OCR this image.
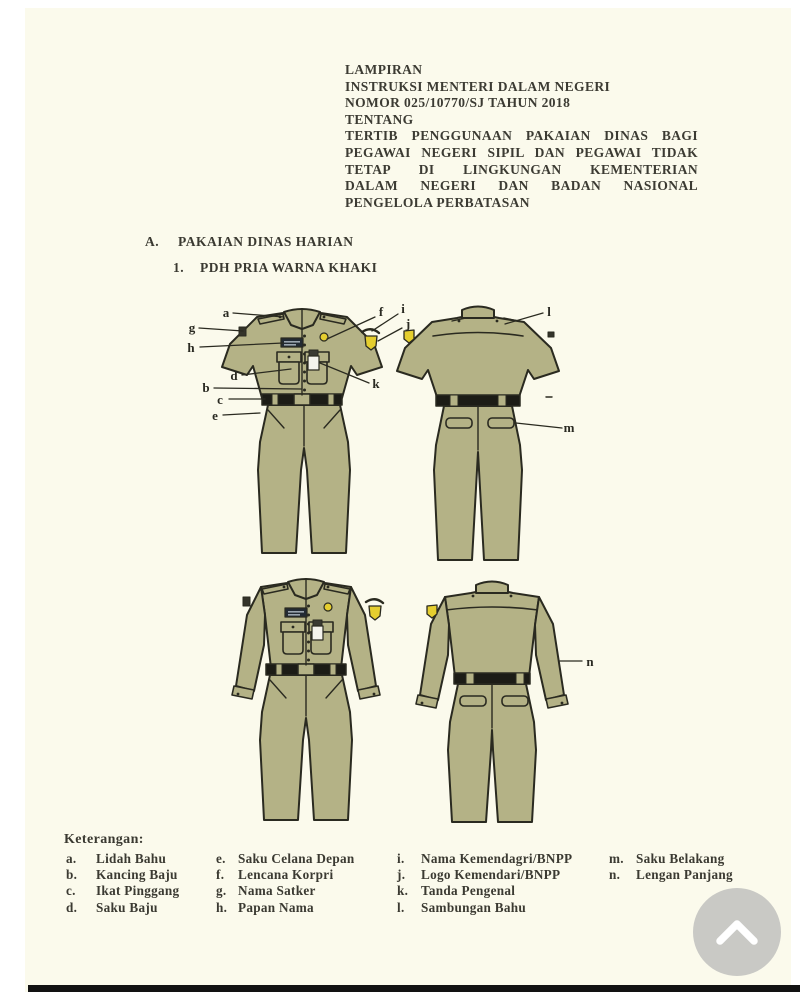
LAMPIRAN
INSTRUKSI MENTERI DALAM NEGERI
NOMOR 025/10770/SJ TAHUN 2018
TENTANG
TERTIB PENGGUNAAN PAKAIAN DINAS BAGI
PEGAWAI NEGERI SIPIL DAN PEGAWAI TIDAK
TETAP DI LINGKUNGAN KEMENTERIAN
DALAM NEGERI DAN BADAN NASIONAL
PENGELOLA PERBATASAN
A. PAKAIAN DINAS HARIAN
1. PDH PRIA WARNA KHAKI
a
g
h
d
b
c
e
f i
j
k
l
m
n
Keterangan:
a. Lidah Bahu
b. Kancing Baju
c. Ikat Pinggang
d. Saku Baju
e. Saku Celana Depan
f. Lencana Korpri
g. Nama Satker
h. Papan Nama
i. Nama Kemendagri/BNPP
j. Logo Kemendari/BNPP
k. Tanda Pengenal
l. Sambungan Bahu
m. Saku Belakang
n. Lengan Panjang
